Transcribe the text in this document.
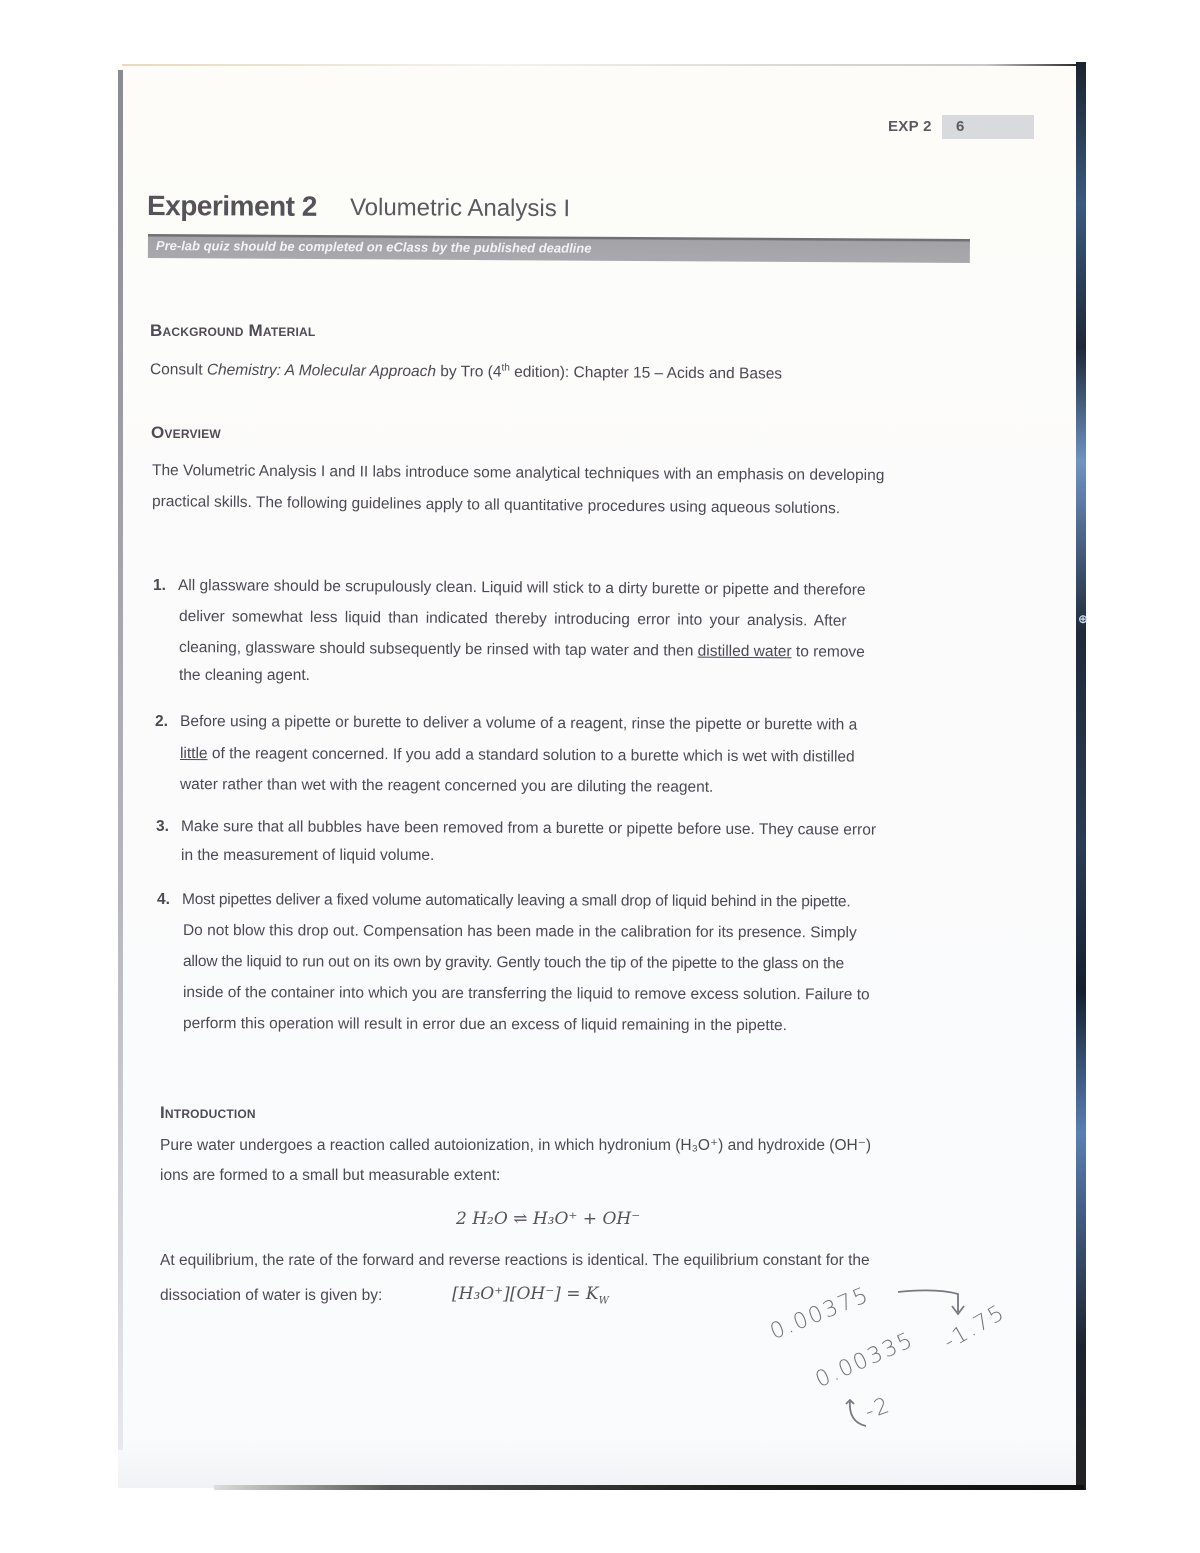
⊕
EXP 2	6
Experiment 2 Volumetric Analysis I
Pre-lab quiz should be completed on eClass by the published deadline
Background Material
Consult Chemistry: A Molecular Approach by Tro (4th edition): Chapter 15 – Acids and Bases
Overview
The Volumetric Analysis I and II labs introduce some analytical techniques with an emphasis on developing
practical skills. The following guidelines apply to all quantitative procedures using aqueous solutions.
1. All glassware should be scrupulously clean. Liquid will stick to a dirty burette or pipette and therefore
deliver somewhat less liquid than indicated thereby introducing error into your analysis. After
cleaning, glassware should subsequently be rinsed with tap water and then distilled water to remove
the cleaning agent.
2. Before using a pipette or burette to deliver a volume of a reagent, rinse the pipette or burette with a
little of the reagent concerned. If you add a standard solution to a burette which is wet with distilled
water rather than wet with the reagent concerned you are diluting the reagent.
3. Make sure that all bubbles have been removed from a burette or pipette before use. They cause error
in the measurement of liquid volume.
4. Most pipettes deliver a fixed volume automatically leaving a small drop of liquid behind in the pipette.
Do not blow this drop out. Compensation has been made in the calibration for its presence. Simply
allow the liquid to run out on its own by gravity. Gently touch the tip of the pipette to the glass on the
inside of the container into which you are transferring the liquid to remove excess solution. Failure to
perform this operation will result in error due an excess of liquid remaining in the pipette.
Introduction
Pure water undergoes a reaction called autoionization, in which hydronium (H₃O⁺) and hydroxide (OH⁻)
ions are formed to a small but measurable extent:
2 H₂O ⇌ H₃O⁺ + OH⁻
At equilibrium, the rate of the forward and reverse reactions is identical. The equilibrium constant for the
dissociation of water is given by:	$[H_3O^+][OH^-] = K_W$	0.00375
0.00335
-1.75
-2
